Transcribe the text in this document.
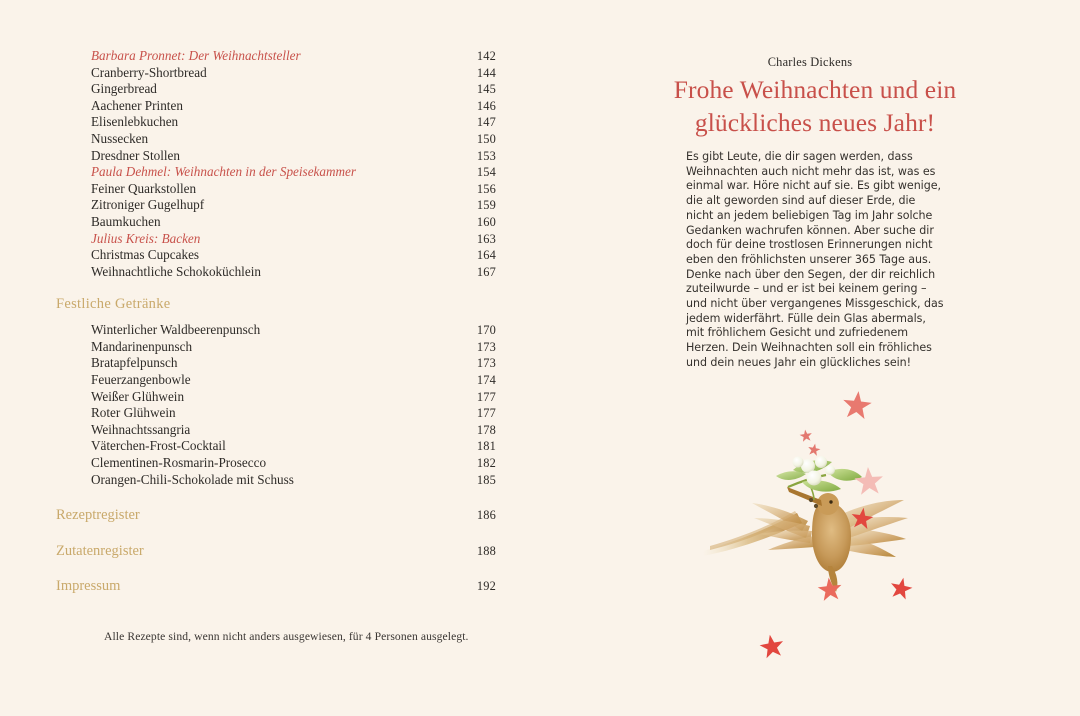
Barbara Pronnet: Der Weihnachtsteller	142
Cranberry-Shortbread	144
Gingerbread	145
Aachener Printen	146
Elisenlebkuchen	147
Nussecken	150
Dresdner Stollen	153
Paula Dehmel: Weihnachten in der Speisekammer	154
Feiner Quarkstollen	156
Zitroniger Gugelhupf	159
Baumkuchen	160
Julius Kreis: Backen	163
Christmas Cupcakes	164
Weihnachtliche Schokoküchlein	167
Festliche Getränke
Winterlicher Waldbeerenpunsch	170
Mandarinenpunsch	173
Bratapfelpunsch	173
Feuerzangenbowle	174
Weißer Glühwein	177
Roter Glühwein	177
Weihnachtssangria	178
Väterchen-Frost-Cocktail	181
Clementinen-Rosmarin-Prosecco	182
Orangen-Chili-Schokolade mit Schuss	185
Rezeptregister	186
Zutatenregister	188
Impressum	192
Alle Rezepte sind, wenn nicht anders ausgewiesen, für 4 Personen ausgelegt.
Charles Dickens
Frohe Weihnachten und ein
glückliches neues Jahr!
Es gibt Leute, die dir sagen werden, dass Weihnachten auch nicht mehr das ist, was es einmal war. Höre nicht auf sie. Es gibt wenige, die alt geworden sind auf dieser Erde, die nicht an jedem beliebigen Tag im Jahr solche Gedanken wachrufen können. Aber suche dir doch für deine trostlosen Erinnerungen nicht eben den fröhlichsten unserer 365 Tage aus. Denke nach über den Segen, der dir reichlich zuteilwurde – und er ist bei keinem gering – und nicht über vergangenes Missgeschick, das jedem widerfährt. Fülle dein Glas abermals, mit fröhlichem Gesicht und zufriedenem Herzen. Dein Weihnachten soll ein fröhliches und dein neues Jahr ein glückliches sein!
